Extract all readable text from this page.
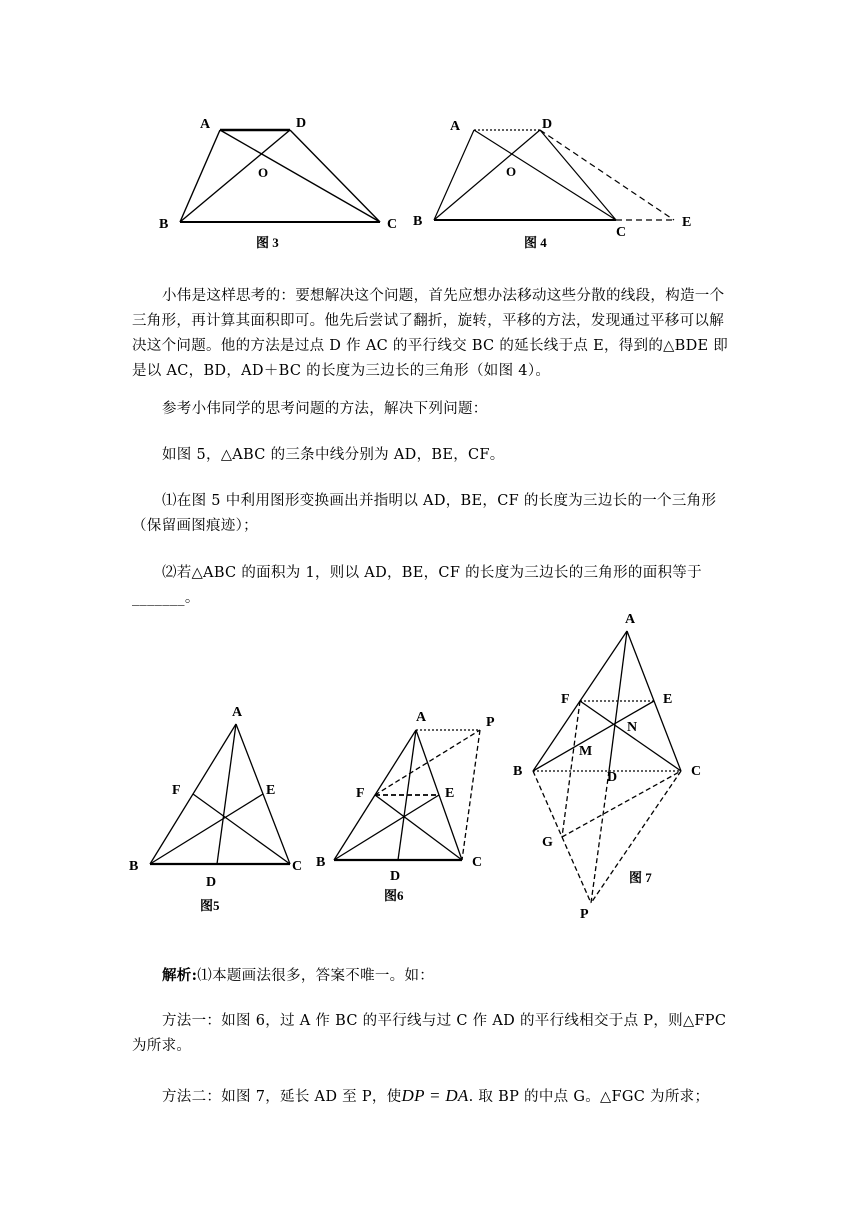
A	D
O
B	C
图 3
A	D
O
B
C
E
图 4
小伟是这样思考的：要想解决这个问题，首先应想办法移动这些分散的线段，构造一个三角形，再计算其面积即可。他先后尝试了翻折，旋转，平移的方法，发现通过平移可以解决这个问题。他的方法是过点 D 作 AC 的平行线交 BC 的延长线于点 E，得到的△BDE 即是以 AC，BD，AD＋BC 的长度为三边长的三角形（如图 4）。
参考小伟同学的思考问题的方法，解决下列问题：
如图 5，△ABC 的三条中线分别为 AD，BE，CF。
⑴在图 5 中利用图形变换画出并指明以 AD，BE，CF 的长度为三边长的一个三角形（保留画图痕迹）；
⑵若△ABC 的面积为 1，则以 AD，BE，CF 的长度为三边长的三角形的面积等于_______。
A
F	E
B	C
D
图5
A	P
F	E
B	C
D
图6
A
F	E
N
M
B	D	C
G
图 7
P
解析:⑴本题画法很多，答案不唯一。如：
方法一：如图 6，过 A 作 BC 的平行线与过 C 作 AD 的平行线相交于点 P，则△FPC 为所求。
方法二：如图 7，延长 AD 至 P，使DP = DA. 取 BP 的中点 G。△FGC 为所求；
